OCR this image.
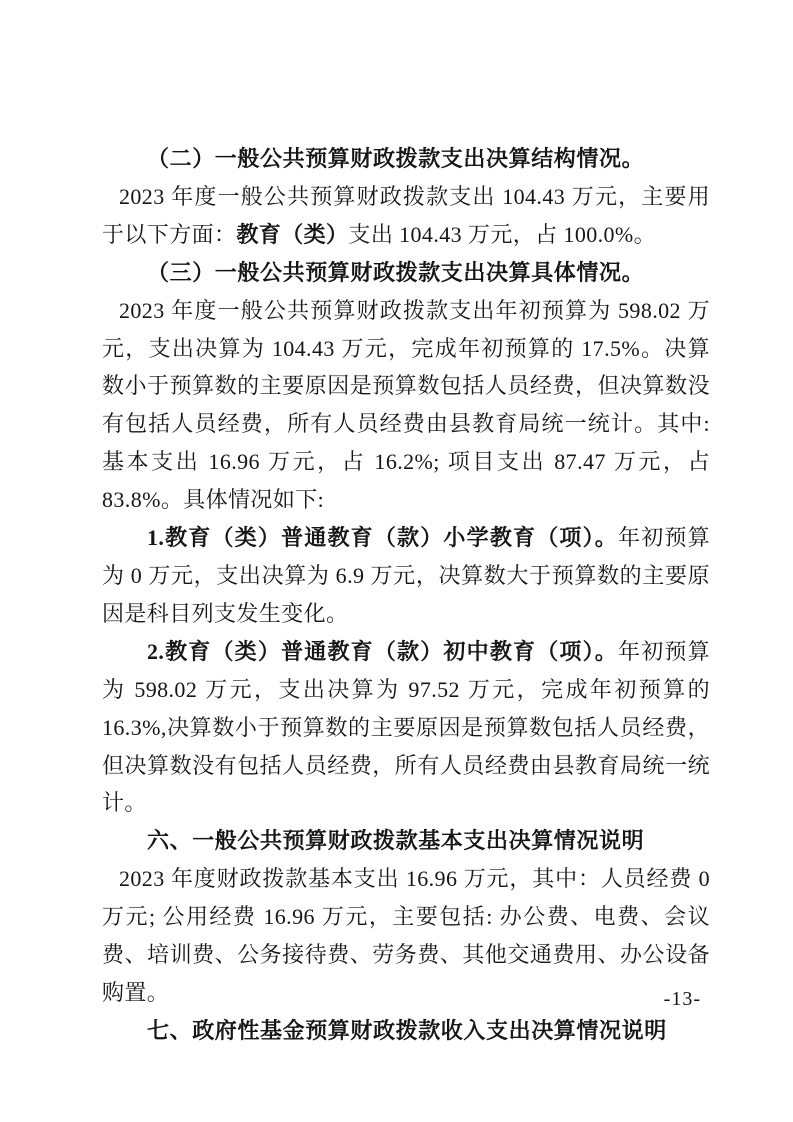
（二）一般公共预算财政拨款支出决算结构情况。

2023 年度一般公共预算财政拨款支出 104.43 万元，主要用于以下方面：教育（类）支出 104.43 万元，占 100.0%。

（三）一般公共预算财政拨款支出决算具体情况。

2023 年度一般公共预算财政拨款支出年初预算为 598.02 万元，支出决算为 104.43 万元，完成年初预算的 17.5%。决算数小于预算数的主要原因是预算数包括人员经费，但决算数没有包括人员经费，所有人员经费由县教育局统一统计。其中:基本支出 16.96 万元，占 16.2%; 项目支出 87.47 万元，占 83.8%。具体情况如下:

1.教育（类）普通教育（款）小学教育（项）。年初预算为 0 万元，支出决算为 6.9 万元，决算数大于预算数的主要原因是科目列支发生变化。

2.教育（类）普通教育（款）初中教育（项）。年初预算为 598.02 万元，支出决算为 97.52 万元，完成年初预算的 16.3%,决算数小于预算数的主要原因是预算数包括人员经费，但决算数没有包括人员经费，所有人员经费由县教育局统一统计。

六、一般公共预算财政拨款基本支出决算情况说明

2023 年度财政拨款基本支出 16.96 万元，其中：人员经费 0 万元; 公用经费 16.96 万元，主要包括: 办公费、电费、会议费、培训费、公务接待费、劳务费、其他交通费用、办公设备购置。

七、政府性基金预算财政拨款收入支出决算情况说明

-13-
